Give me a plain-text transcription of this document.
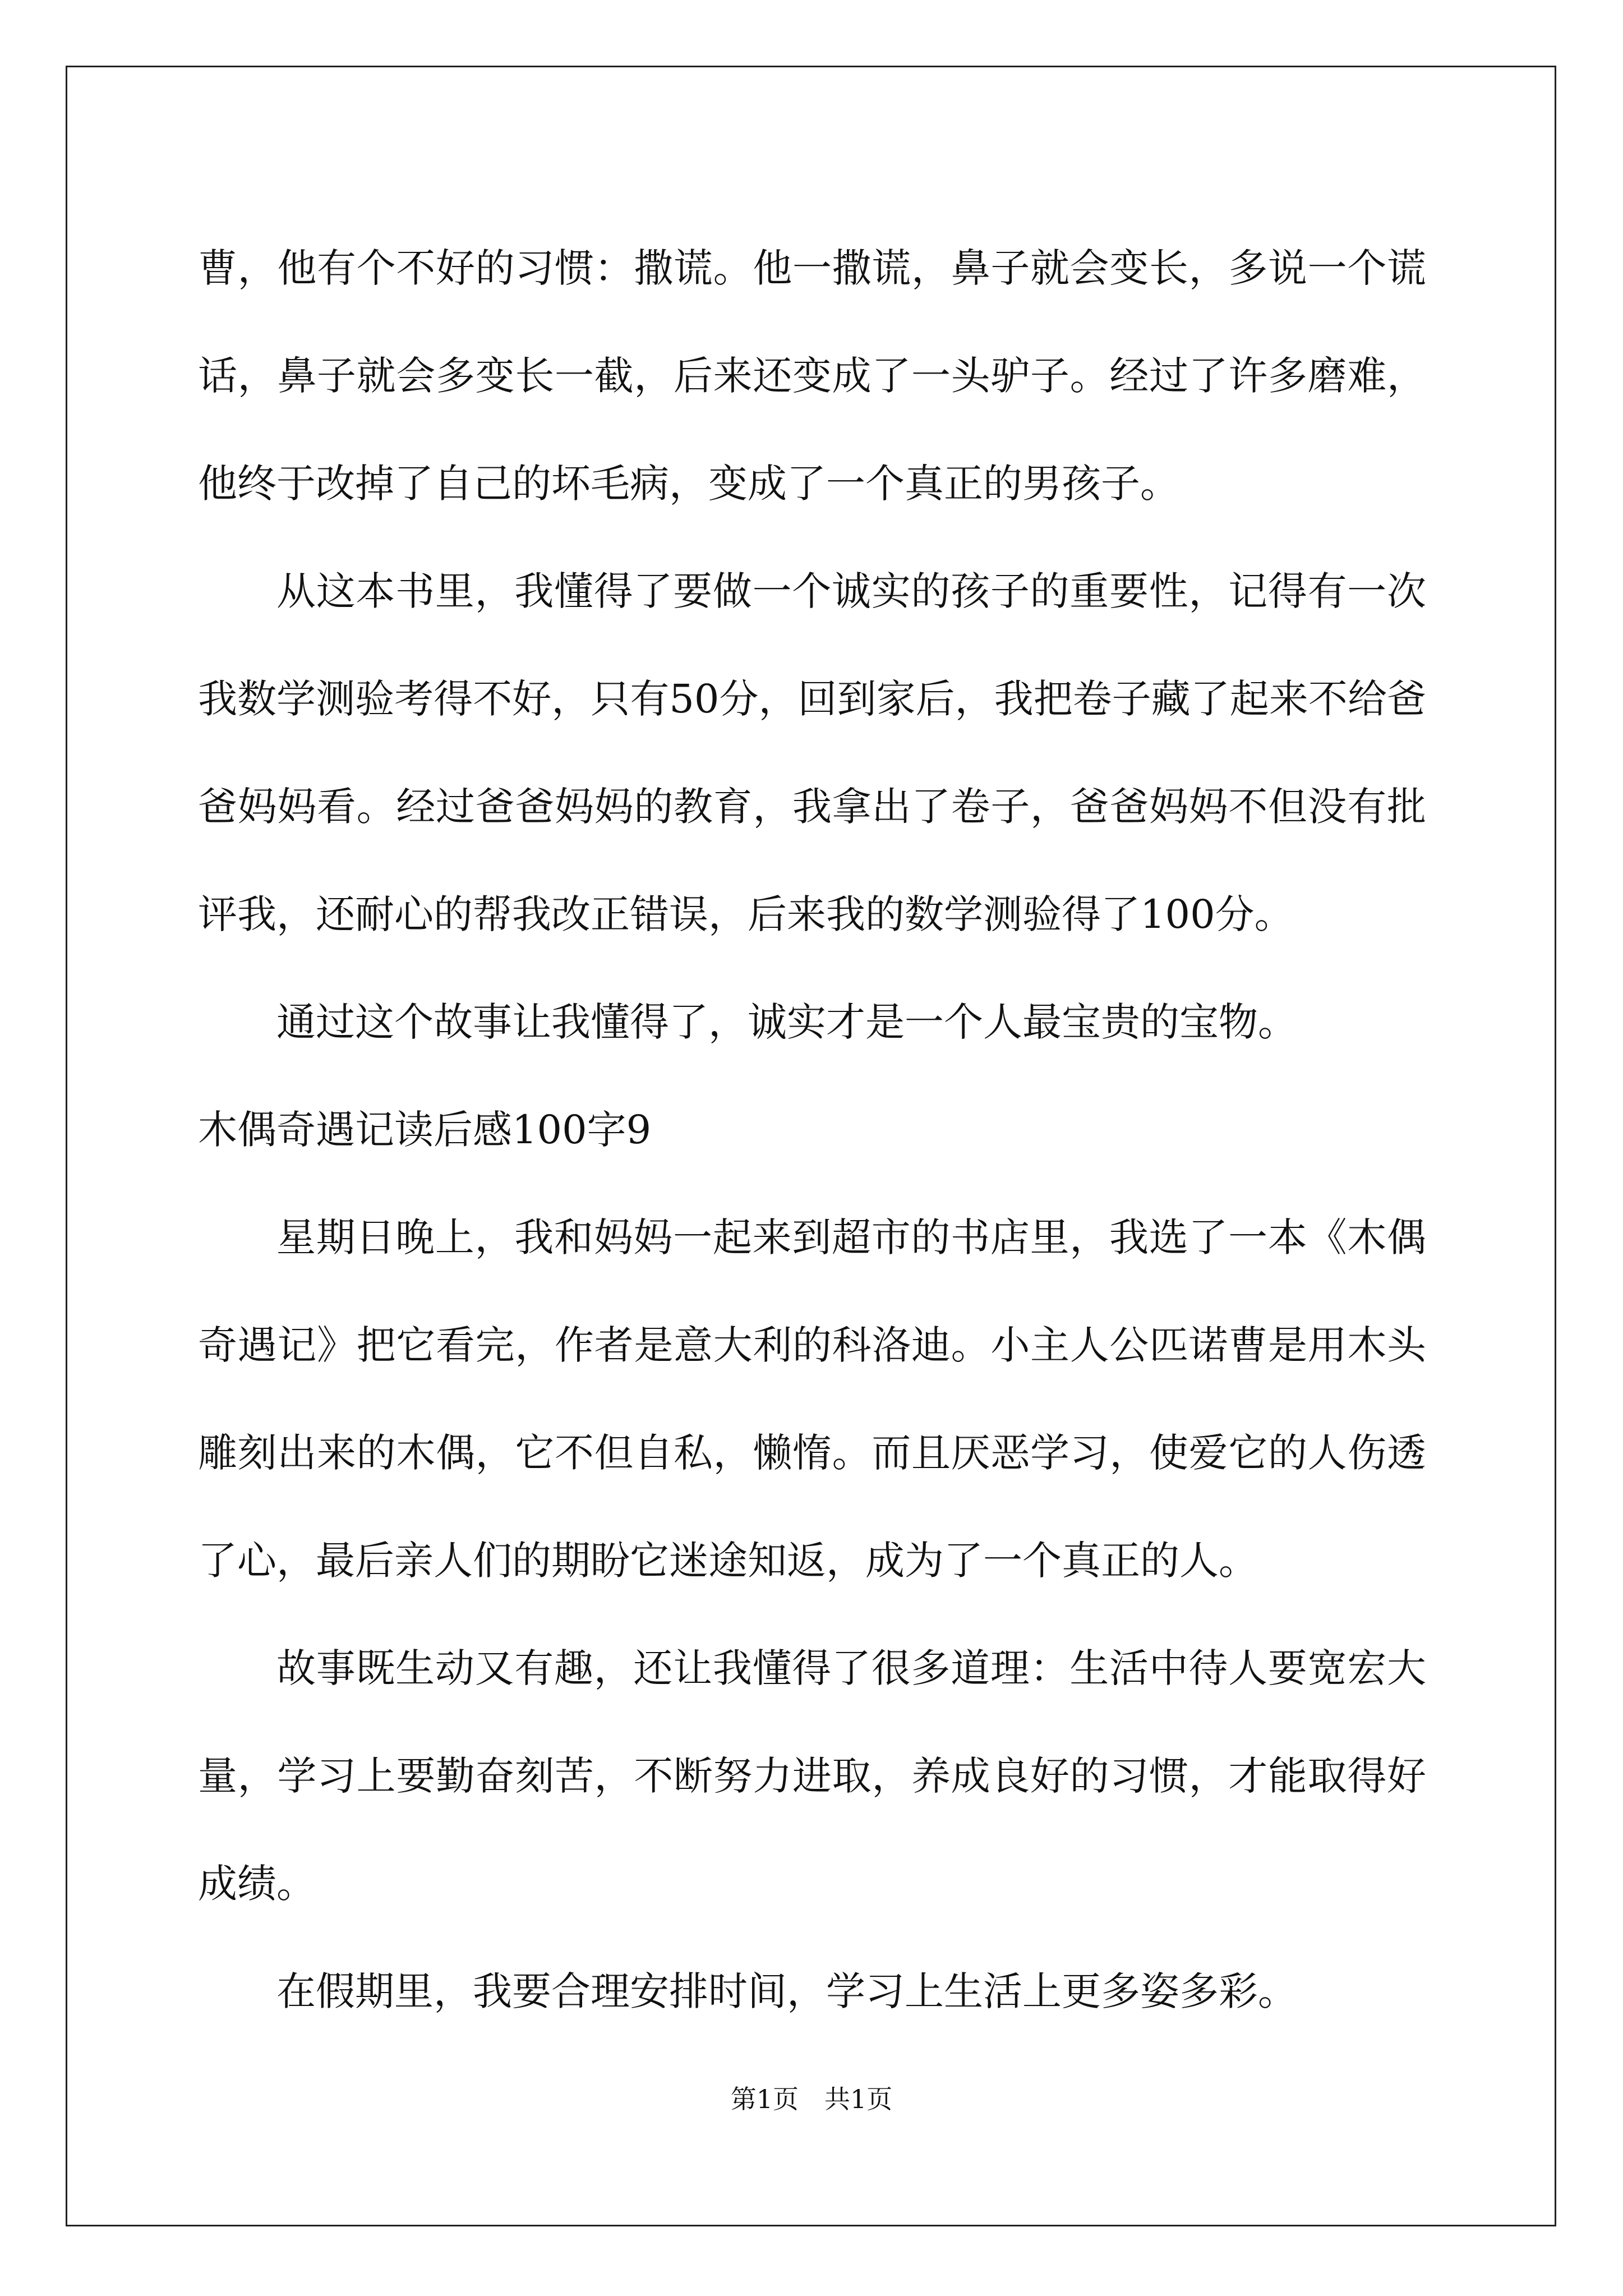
曹，他有个不好的习惯：撒谎。他一撒谎，鼻子就会变长，多说一个谎话，鼻子就会多变长一截，后来还变成了一头驴子。经过了许多磨难，他终于改掉了自己的坏毛病，变成了一个真正的男孩子。

从这本书里，我懂得了要做一个诚实的孩子的重要性，记得有一次我数学测验考得不好，只有50分，回到家后，我把卷子藏了起来不给爸爸妈妈看。经过爸爸妈妈的教育，我拿出了卷子，爸爸妈妈不但没有批评我，还耐心的帮我改正错误，后来我的数学测验得了100分。

通过这个故事让我懂得了，诚实才是一个人最宝贵的宝物。

木偶奇遇记读后感100字9

星期日晚上，我和妈妈一起来到超市的书店里，我选了一本《木偶奇遇记》把它看完，作者是意大利的科洛迪。小主人公匹诺曹是用木头雕刻出来的木偶，它不但自私，懒惰。而且厌恶学习，使爱它的人伤透了心，最后亲人们的期盼它迷途知返，成为了一个真正的人。

故事既生动又有趣，还让我懂得了很多道理：生活中待人要宽宏大量，学习上要勤奋刻苦，不断努力进取，养成良好的习惯，才能取得好成绩。

在假期里，我要合理安排时间，学习上生活上更多姿多彩。

第1页　共1页
